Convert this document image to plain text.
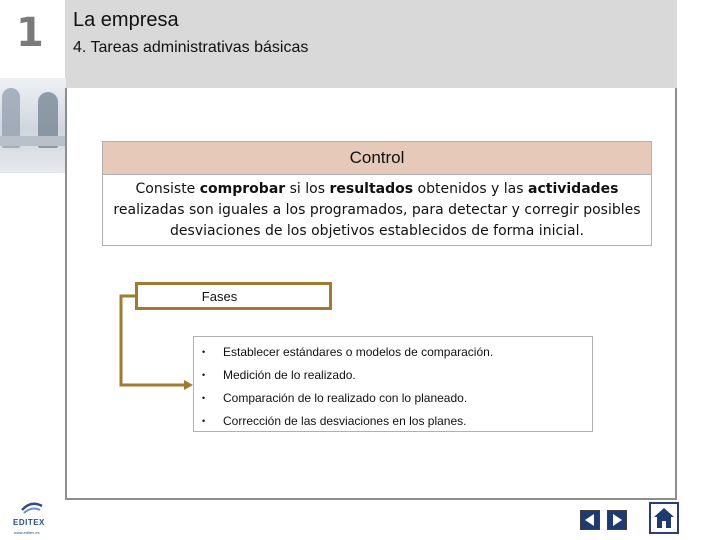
1 La empresa
4. Tareas administrativas básicas
Control
Consiste comprobar si los resultados obtenidos y las actividades realizadas son iguales a los programados, para detectar y corregir posibles desviaciones de los objetivos establecidos de forma inicial.
Fases
• Establecer estándares o modelos de comparación.
• Medición de lo realizado.
• Comparación de lo realizado con lo planeado.
• Corrección de las desviaciones en los planes.
EDITEX
www.editex.es
